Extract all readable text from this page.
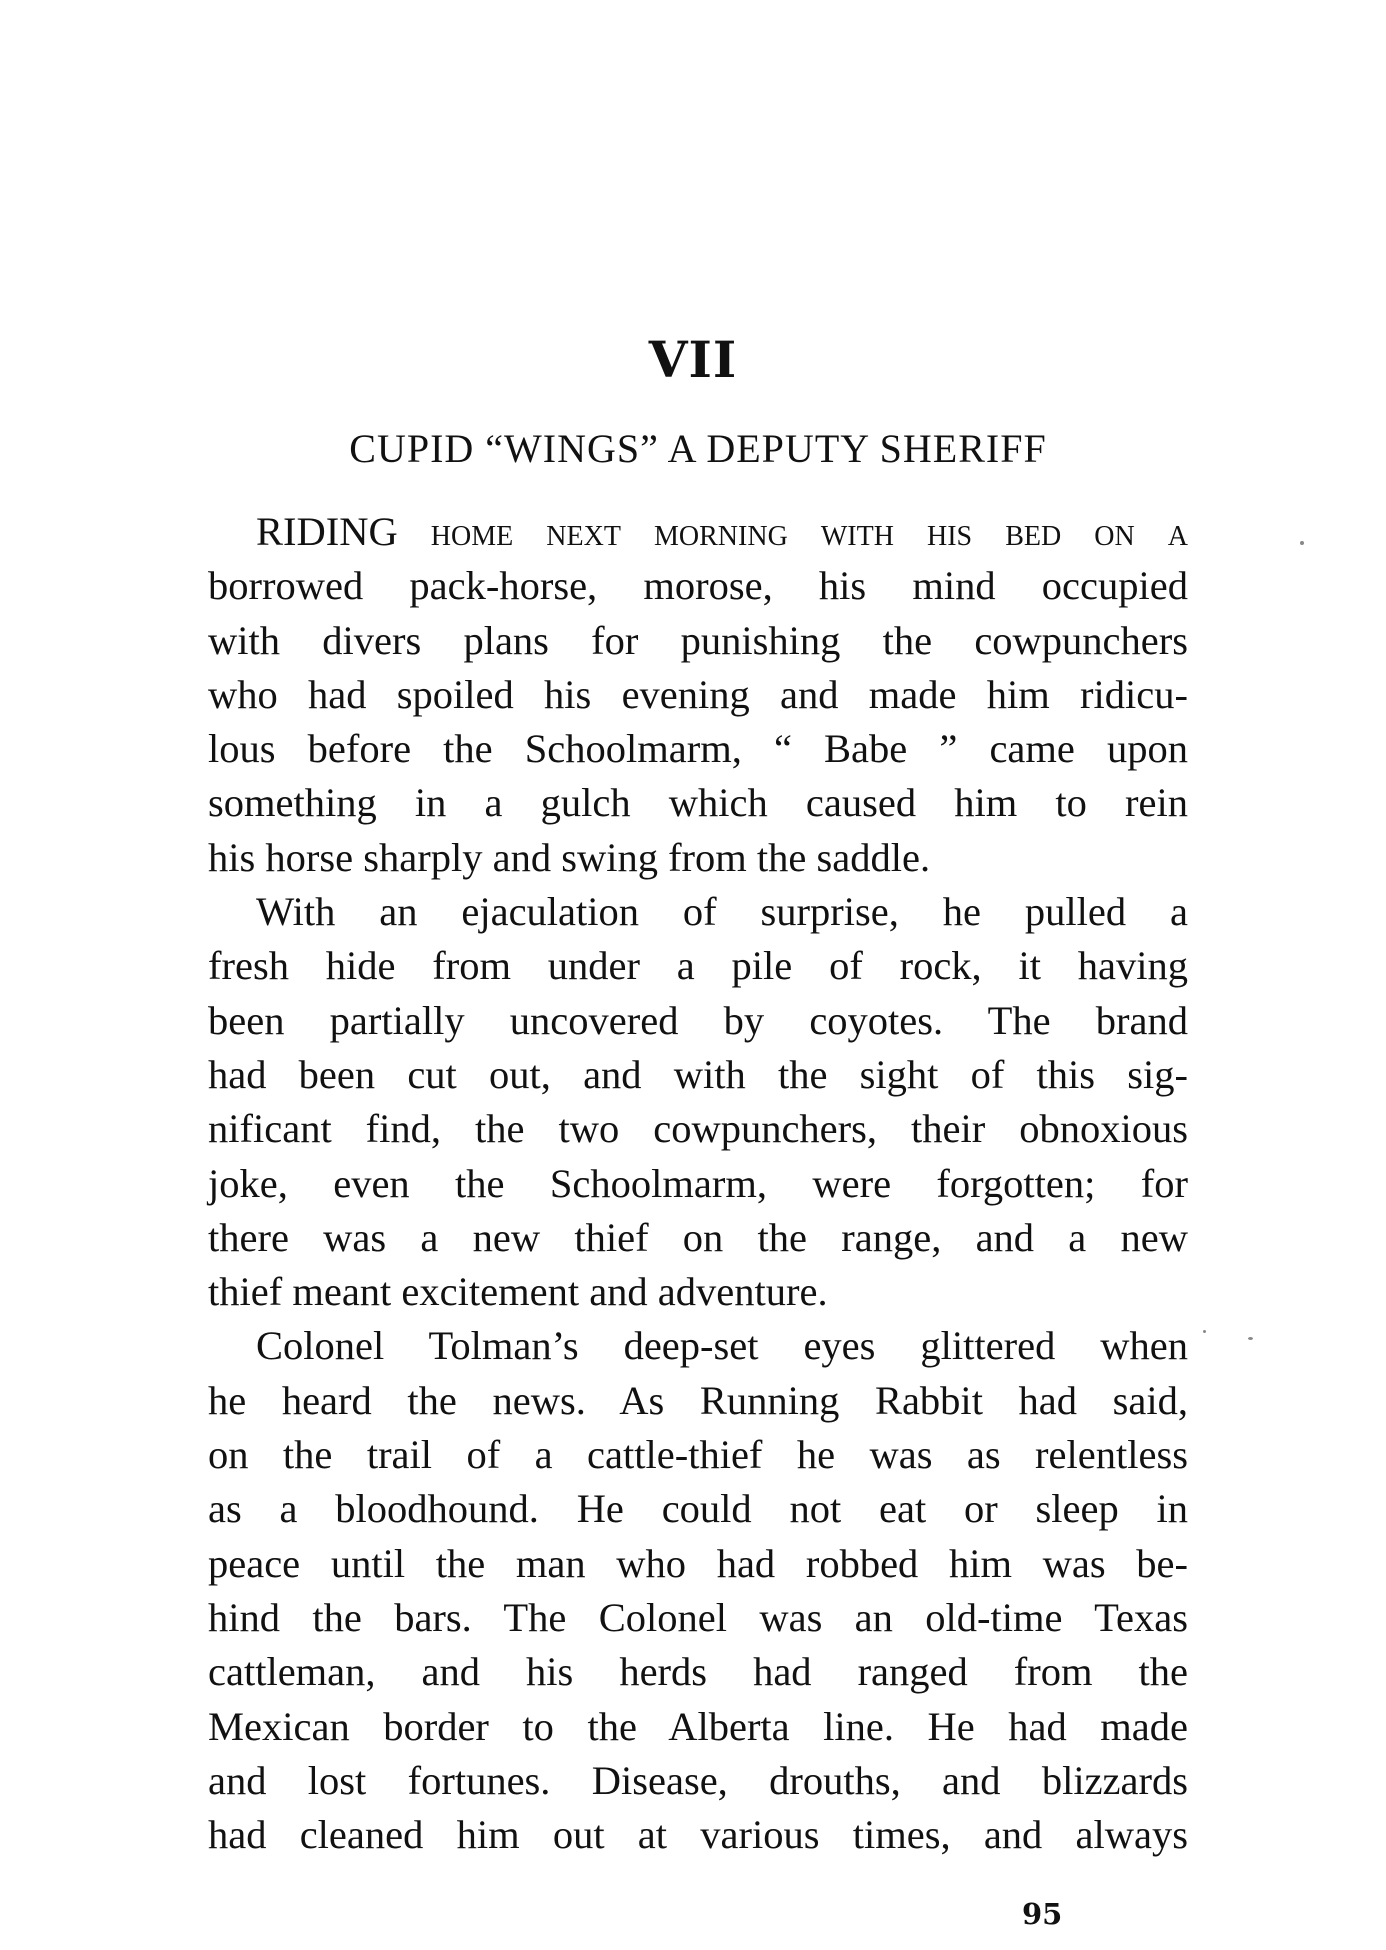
VII
CUPID “WINGS” A DEPUTY SHERIFF

RIDING home next morning with his bed on a
borrowed pack-horse, morose, his mind occupied
with divers plans for punishing the cowpunchers
who had spoiled his evening and made him ridicu-
lous before the Schoolmarm, “ Babe ” came upon
something in a gulch which caused him to rein
his horse sharply and swing from the saddle.

With an ejaculation of surprise, he pulled a
fresh hide from under a pile of rock, it having
been partially uncovered by coyotes. The brand
had been cut out, and with the sight of this sig-
nificant find, the two cowpunchers, their obnoxious
joke, even the Schoolmarm, were forgotten; for
there was a new thief on the range, and a new
thief meant excitement and adventure.

Colonel Tolman’s deep-set eyes glittered when
he heard the news. As Running Rabbit had said,
on the trail of a cattle-thief he was as relentless
as a bloodhound. He could not eat or sleep in
peace until the man who had robbed him was be-
hind the bars. The Colonel was an old-time Texas
cattleman, and his herds had ranged from the
Mexican border to the Alberta line. He had made
and lost fortunes. Disease, drouths, and blizzards
had cleaned him out at various times, and always

95
